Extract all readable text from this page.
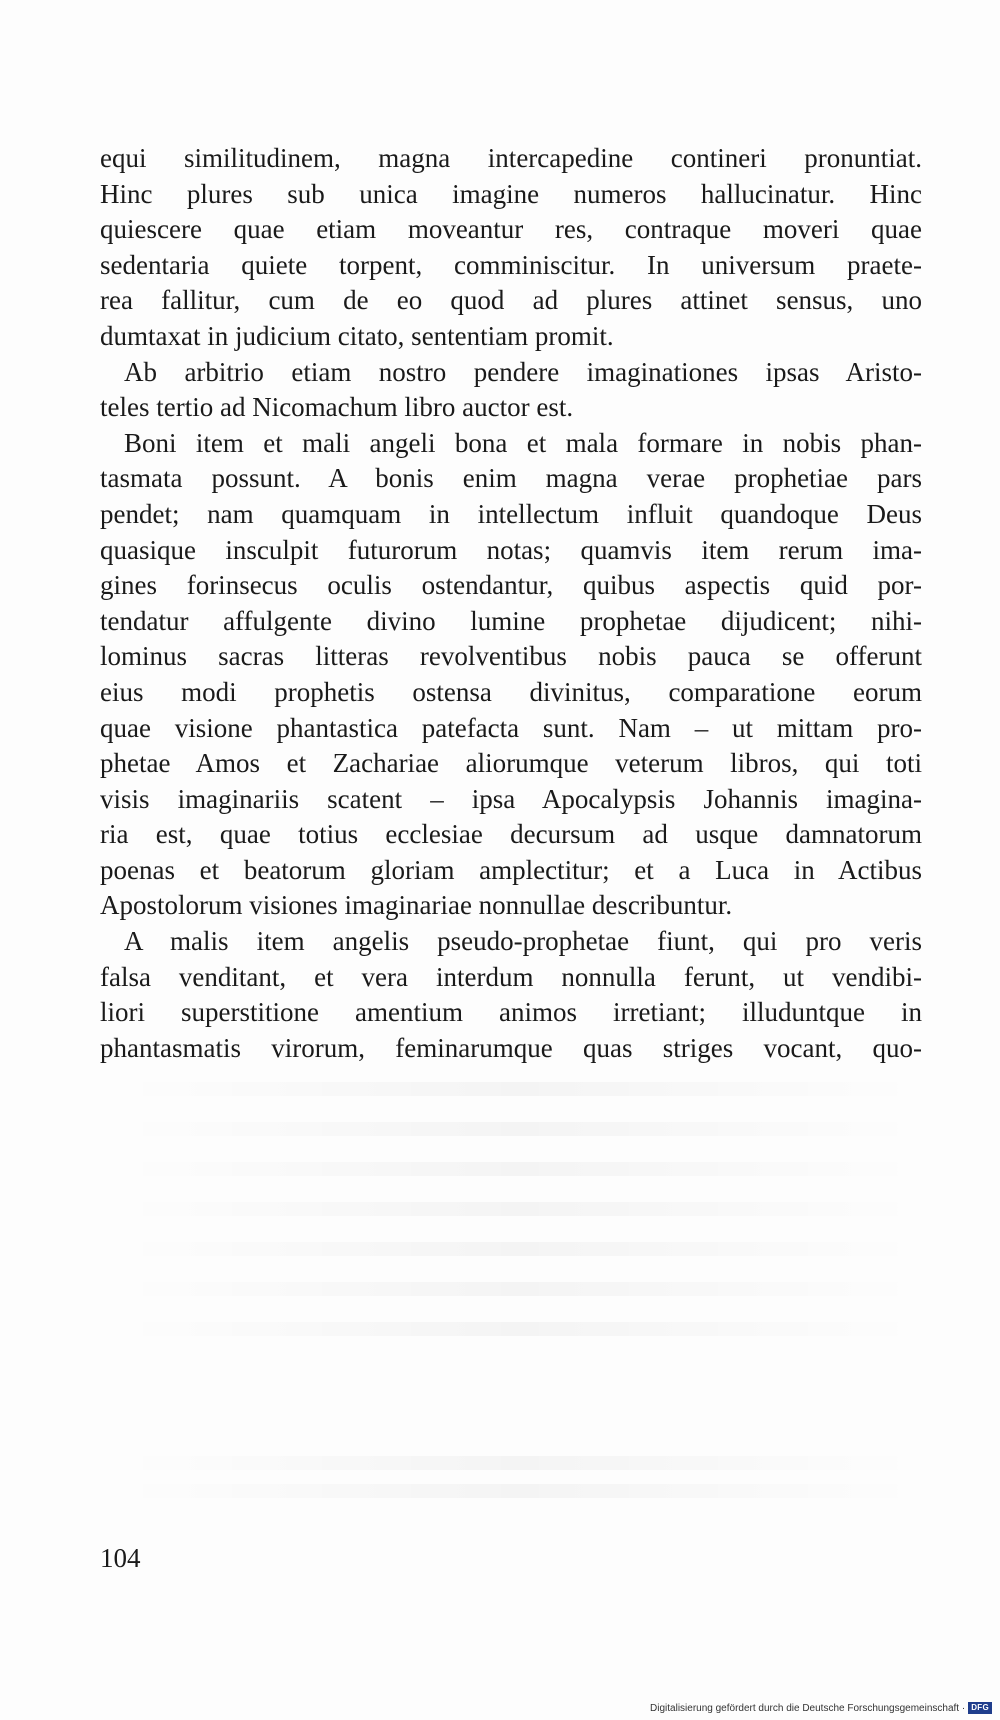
equi similitudinem, magna intercapedine contineri pronuntiat.
Hinc plures sub unica imagine numeros hallucinatur. Hinc
quiescere quae etiam moveantur res, contraque moveri quae
sedentaria quiete torpent, comminiscitur. In universum praete-
rea fallitur, cum de eo quod ad plures attinet sensus, uno
dumtaxat in judicium citato, sententiam promit.

Ab arbitrio etiam nostro pendere imaginationes ipsas Aristo-
teles tertio ad Nicomachum libro auctor est.

Boni item et mali angeli bona et mala formare in nobis phan-
tasmata possunt. A bonis enim magna verae prophetiae pars
pendet; nam quamquam in intellectum influit quandoque Deus
quasique insculpit futurorum notas; quamvis item rerum ima-
gines forinsecus oculis ostendantur, quibus aspectis quid por-
tendatur affulgente divino lumine prophetae dijudicent; nihi-
lominus sacras litteras revolventibus nobis pauca se offerunt
eius modi prophetis ostensa divinitus, comparatione eorum
quae visione phantastica patefacta sunt. Nam – ut mittam pro-
phetae Amos et Zachariae aliorumque veterum libros, qui toti
visis imaginariis scatent – ipsa Apocalypsis Johannis imagina-
ria est, quae totius ecclesiae decursum ad usque damnatorum
poenas et beatorum gloriam amplectitur; et a Luca in Actibus
Apostolorum visiones imaginariae nonnullae describuntur.

A malis item angelis pseudo-prophetae fiunt, qui pro veris
falsa venditant, et vera interdum nonnulla ferunt, ut vendibi-
liori superstitione amentium animos irretiant; illuduntque in
phantasmatis virorum, feminarumque quas striges vocant, quo-

104
Digitalisierung gefördert durch die Deutsche Forschungsgemeinschaft · DFG
